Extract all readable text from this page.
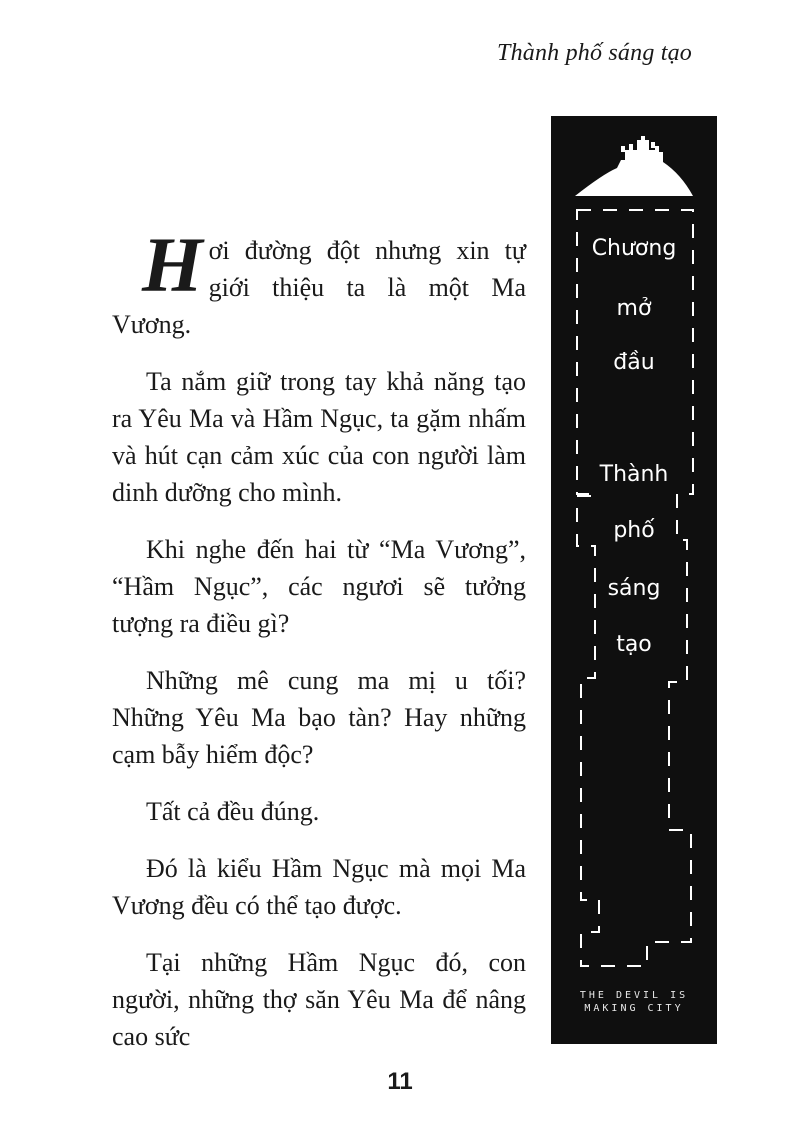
Thành phố sáng tạo

Hơi đường đột nhưng xin tự giới thiệu ta là một Ma Vương.

Ta nắm giữ trong tay khả năng tạo ra Yêu Ma và Hầm Ngục, ta gặm nhấm và hút cạn cảm xúc của con người làm dinh dưỡng cho mình.

Khi nghe đến hai từ “Ma Vương”, “Hầm Ngục”, các ngươi sẽ tưởng tượng ra điều gì?

Những mê cung ma mị u tối? Những Yêu Ma bạo tàn? Hay những cạm bẫy hiểm độc?

Tất cả đều đúng.

Đó là kiểu Hầm Ngục mà mọi Ma Vương đều có thể tạo được.

Tại những Hầm Ngục đó, con người, những thợ săn Yêu Ma để nâng cao sức

Chương
mở
đầu
Thành
phố
sáng
tạo
THE DEVIL IS
MAKING CITY
11
